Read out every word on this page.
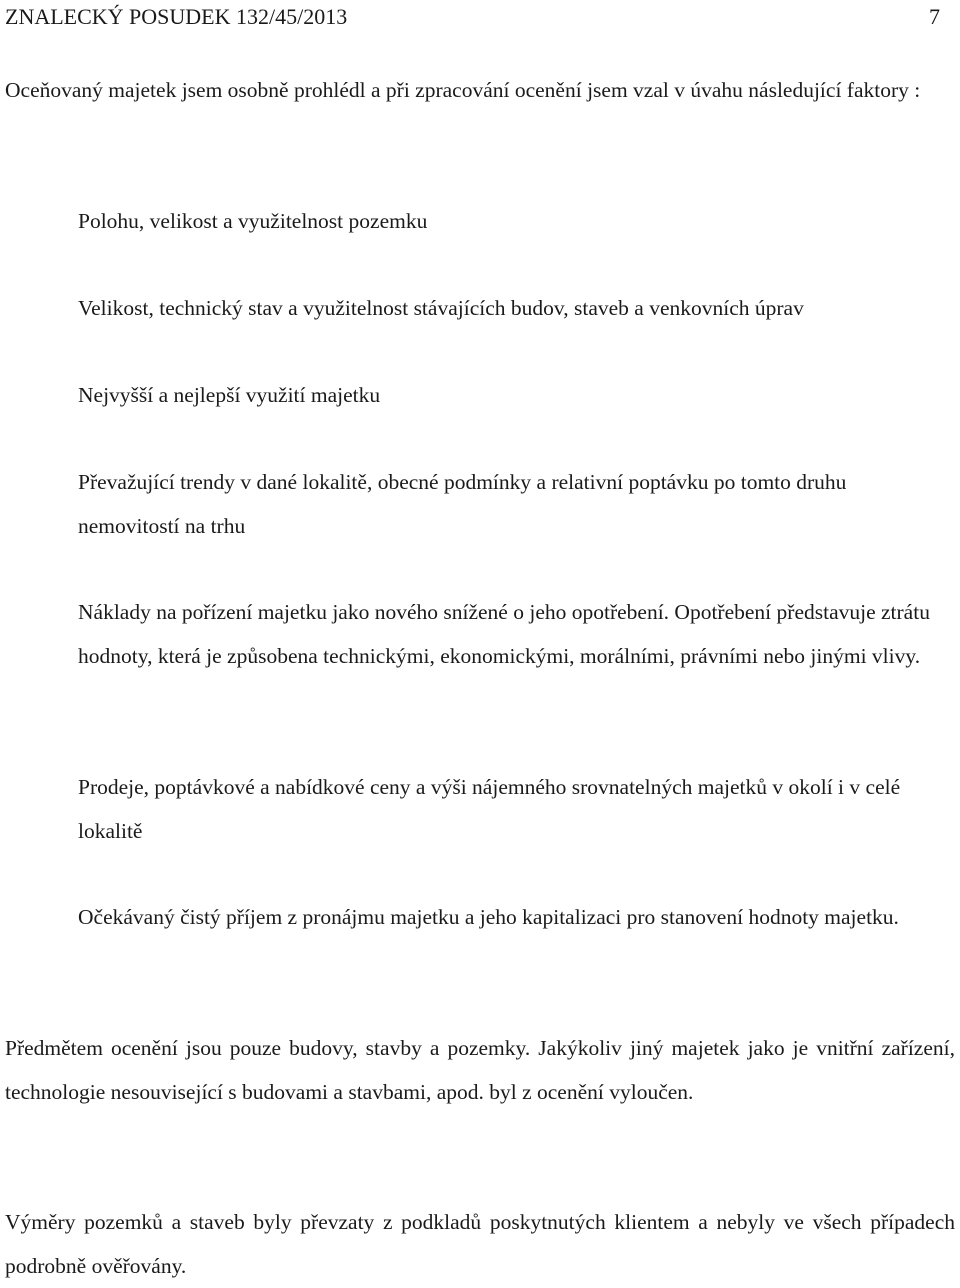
ZNALECKÝ POSUDEK 132/45/2013	7

Oceňovaný majetek jsem osobně prohlédl a při zpracování ocenění jsem vzal v úvahu následující faktory :

Polohu, velikost a využitelnost pozemku

Velikost, technický stav a využitelnost stávajících budov, staveb a venkovních úprav

Nejvyšší a nejlepší využití majetku

Převažující trendy v dané lokalitě, obecné podmínky a relativní poptávku po tomto druhu nemovitostí na trhu

Náklady na pořízení majetku jako nového snížené o jeho opotřebení. Opotřebení představuje ztrátu hodnoty, která je způsobena technickými, ekonomickými, morálními, právními nebo jinými vlivy.

Prodeje, poptávkové a nabídkové ceny a výši nájemného srovnatelných majetků v okolí i v celé lokalitě

Očekávaný čistý příjem z pronájmu majetku a jeho kapitalizaci pro stanovení hodnoty majetku.

Předmětem ocenění jsou pouze budovy, stavby a pozemky. Jakýkoliv jiný majetek jako je vnitřní zařízení, technologie nesouvisející s budovami a stavbami, apod. byl z ocenění vyloučen.

Výměry pozemků a staveb byly převzaty z podkladů poskytnutých klientem a nebyly ve všech případech podrobně ověřovány.
